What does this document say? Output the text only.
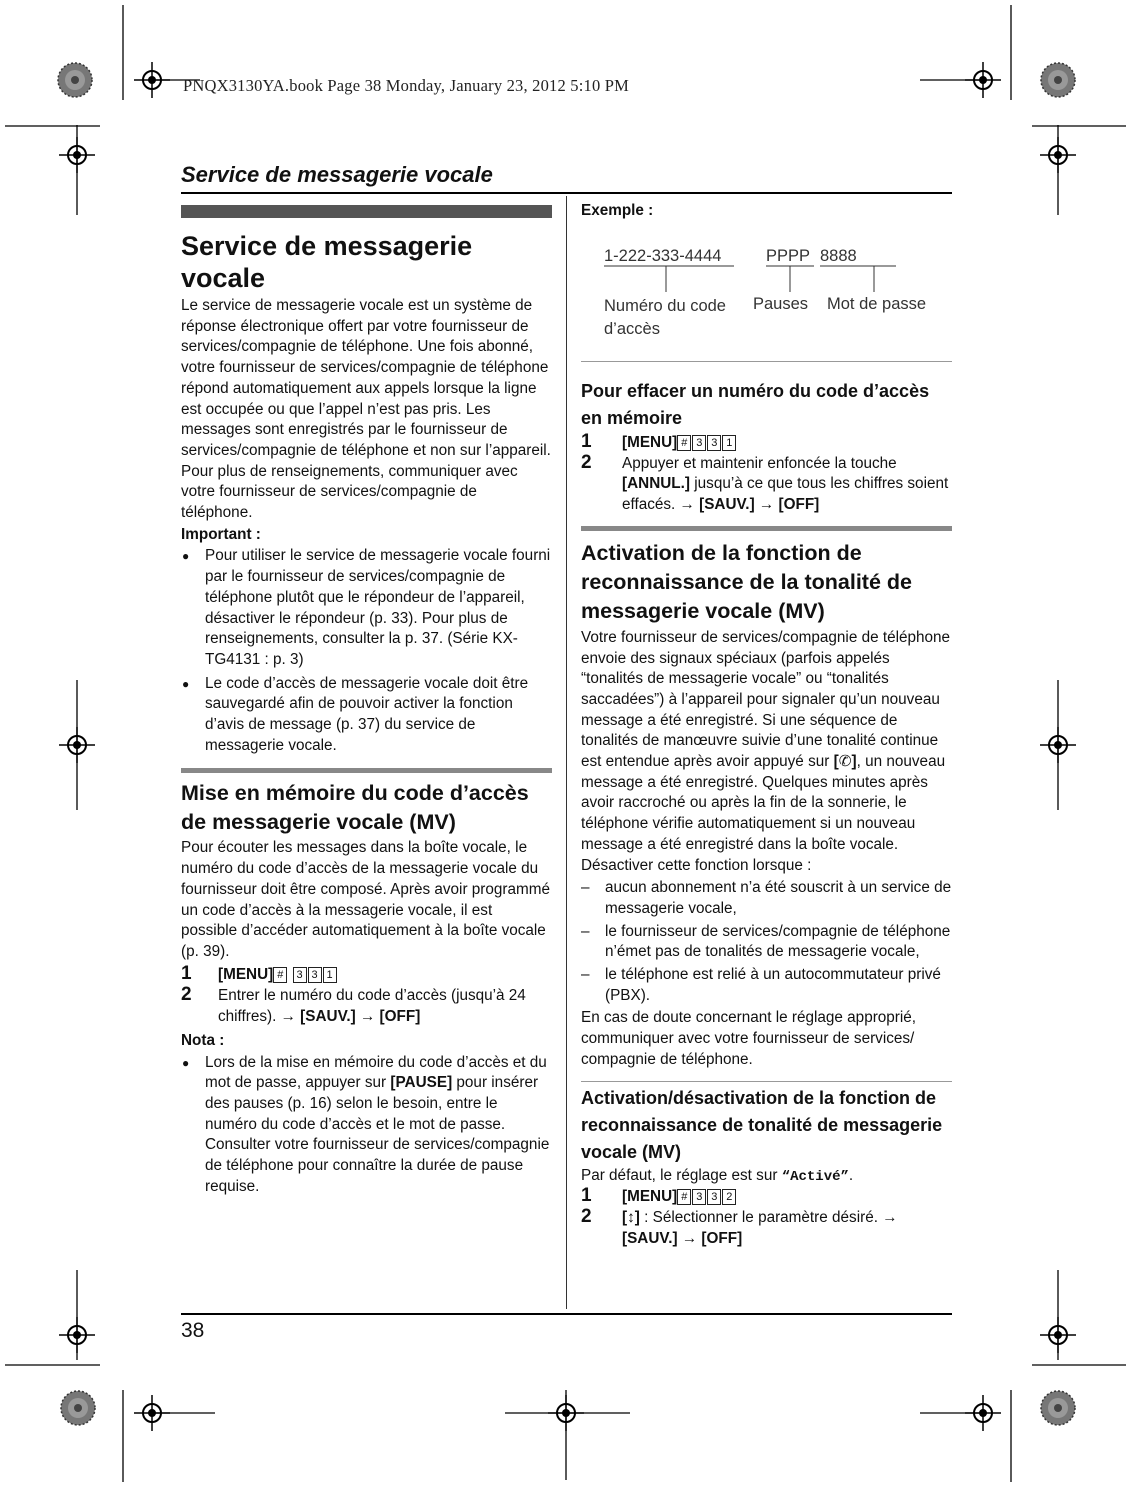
PNQX3130YA.book Page 38 Monday, January 23, 2012 5:10 PM
Service de messagerie vocale
Service de messagerie vocale

Le service de messagerie vocale est un système de réponse électronique offert par votre fournisseur de services/compagnie de téléphone. Une fois abonné, votre fournisseur de services/compagnie de téléphone répond automatiquement aux appels lorsque la ligne est occupée ou que l’appel n’est pas pris. Les messages sont enregistrés par le fournisseur de services/compagnie de téléphone et non sur l’appareil. Pour plus de renseignements, communiquer avec votre fournisseur de services/compagnie de téléphone.

Important :
● Pour utiliser le service de messagerie vocale fourni par le fournisseur de services/compagnie de téléphone plutôt que le répondeur de l’appareil, désactiver le répondeur (p. 33). Pour plus de renseignements, consulter la p. 37. (Série KX-TG4131 : p. 3)
● Le code d’accès de messagerie vocale doit être sauvegardé afin de pouvoir activer la fonction d’avis de message (p. 37) du service de messagerie vocale.
Mise en mémoire du code d’accès de messagerie vocale (MV)

Pour écouter les messages dans la boîte vocale, le numéro du code d’accès de la messagerie vocale du fournisseur doit être composé. Après avoir programmé un code d’accès à la messagerie vocale, il est possible d’accéder automatiquement à la boîte vocale (p. 39).

1 [MENU] # 3 3 1
2 Entrer le numéro du code d’accès (jusqu’à 24 chiffres). → [SAUV.] → [OFF]
Nota :
● Lors de la mise en mémoire du code d’accès et du mot de passe, appuyer sur [PAUSE] pour insérer des pauses (p. 16) selon le besoin, entre le numéro du code d’accès et le mot de passe. Consulter votre fournisseur de services/compagnie de téléphone pour connaître la durée de pause requise.
Exemple :
1-222-333-4444	PPPP 8888
Numéro du code d’accès
Pauses Mot de passe
Pour effacer un numéro du code d’accès en mémoire
1 [MENU] # 3 3 1
2 Appuyer et maintenir enfoncée la touche [ANNUL.] jusqu’à ce que tous les chiffres soient effacés. → [SAUV.] → [OFF]
Activation de la fonction de reconnaissance de la tonalité de messagerie vocale (MV)

Votre fournisseur de services/compagnie de téléphone envoie des signaux spéciaux (parfois appelés “tonalités de messagerie vocale” ou “tonalités saccadées”) à l’appareil pour signaler qu’un nouveau message a été enregistré. Si une séquence de tonalités de manœuvre suivie d’une tonalité continue est entendue après avoir appuyé sur [✆], un nouveau message a été enregistré. Quelques minutes après avoir raccroché ou après la fin de la sonnerie, le téléphone vérifie automatiquement si un nouveau message a été enregistré dans la boîte vocale.

Désactiver cette fonction lorsque :

– aucun abonnement n’a été souscrit à un service de messagerie vocale,
– le fournisseur de services/compagnie de téléphone n’émet pas de tonalités de messagerie vocale,
– le téléphone est relié à un autocommutateur privé (PBX).

En cas de doute concernant le réglage approprié, communiquer avec votre fournisseur de services/ compagnie de téléphone.

Activation/désactivation de la fonction de reconnaissance de tonalité de messagerie vocale (MV)

Par défaut, le réglage est sur “Activé”.

1 [MENU] # 3 3 2
2 [↕] : Sélectionner le paramètre désiré. → [SAUV.] → [OFF]
38
